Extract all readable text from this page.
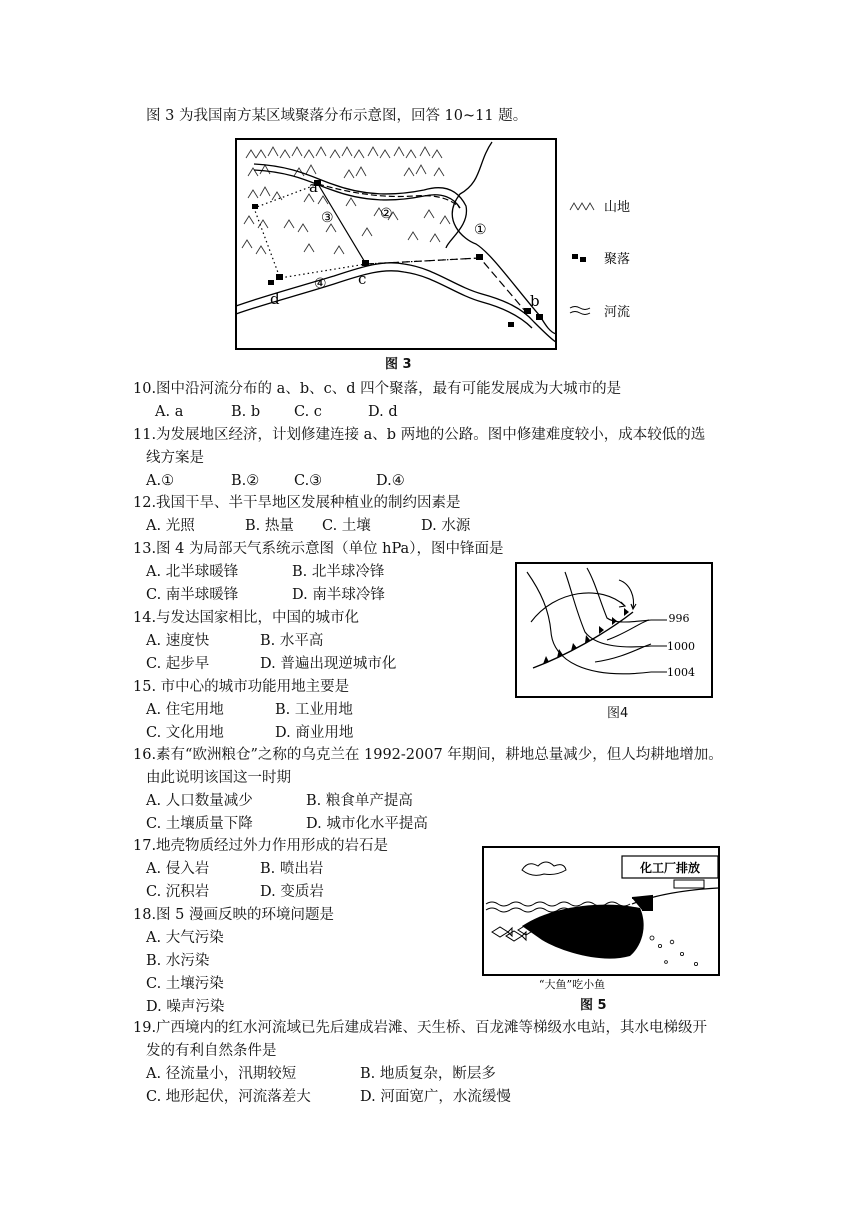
图 3 为我国南方某区域聚落分布示意图，回答 10~11 题。
a
b
c
d
①
②
③
④
山地
聚落
河流
图 3
10.图中沿河流分布的 a、b、c、d 四个聚落，最有可能发展成为大城市的是
A. a	B. b C. c	D. d
11.为发展地区经济，计划修建连接 a、b 两地的公路。图中修建难度较小，成本较低的选
线方案是
A.①	B.② C.③	D.④
12.我国干旱、半干旱地区发展种植业的制约因素是
A. 光照	B. 热量 C. 土壤	D. 水源
13.图 4 为局部天气系统示意图（单位 hPa），图中锋面是
A. 北半球暖锋	B. 北半球冷锋
C. 南半球暖锋	D. 南半球冷锋
996
1000
1004
图4
14.与发达国家相比，中国的城市化
A. 速度快	B. 水平高
C. 起步早	D. 普遍出现逆城市化
15. 市中心的城市功能用地主要是
A. 住宅用地	B. 工业用地
C. 文化用地	D. 商业用地
16.素有“欧洲粮仓”之称的乌克兰在 1992-2007 年期间，耕地总量减少，但人均耕地增加。
由此说明该国这一时期
A. 人口数量减少	B. 粮食单产提高
C. 土壤质量下降	D. 城市化水平提高
17.地壳物质经过外力作用形成的岩石是
A. 侵入岩	B. 喷出岩
C. 沉积岩	D. 变质岩
18.图 5 漫画反映的环境问题是
A. 大气污染
B. 水污染
C. 土壤污染
D. 噪声污染
化工厂排放
“大鱼”吃小鱼
图 5
19.广西境内的红水河流域已先后建成岩滩、天生桥、百龙滩等梯级水电站，其水电梯级开
发的有利自然条件是
A. 径流量小，汛期较短	B. 地质复杂，断层多
C. 地形起伏，河流落差大	D. 河面宽广，水流缓慢
